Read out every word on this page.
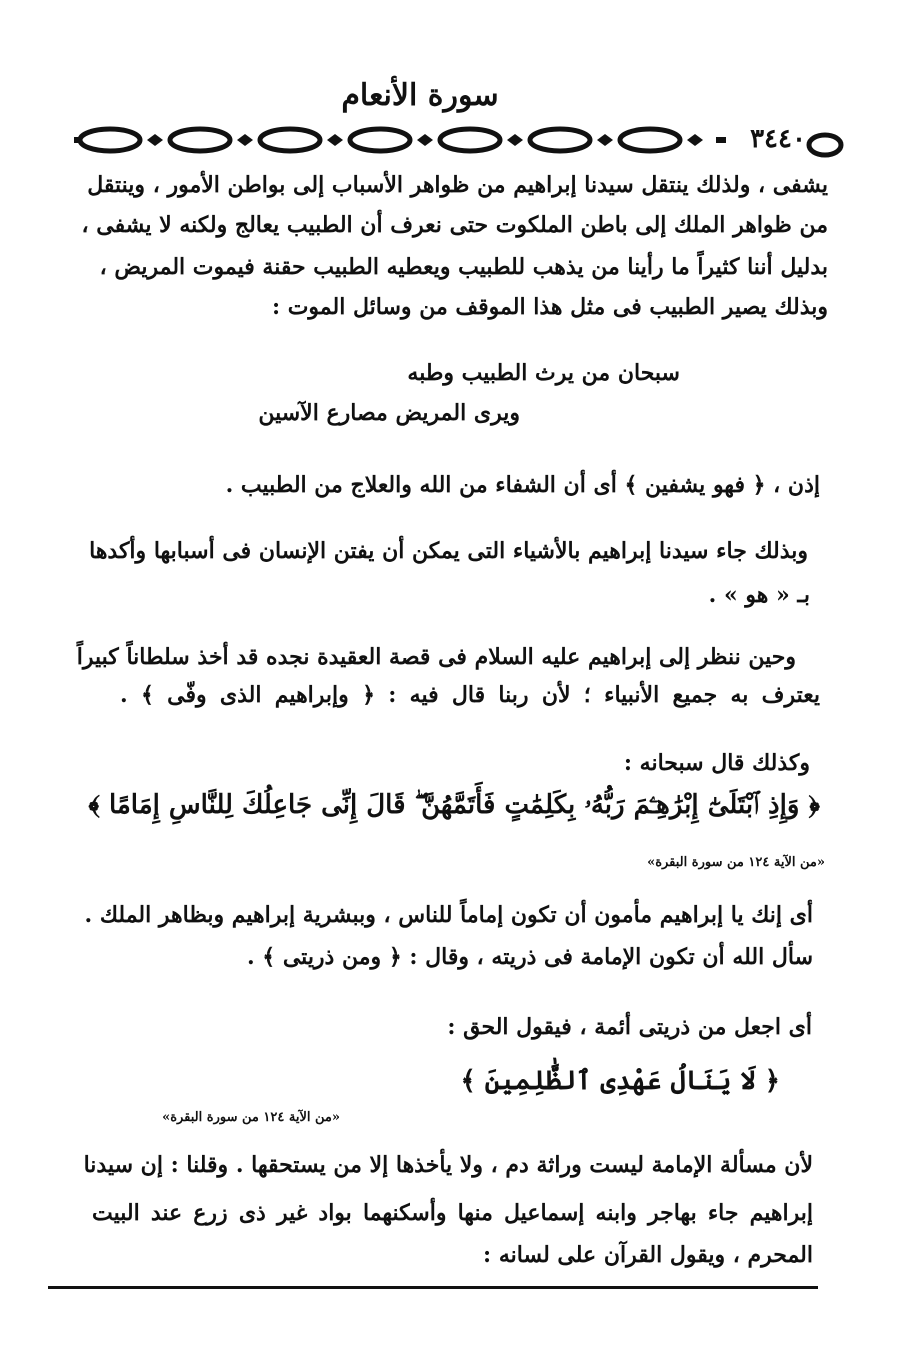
سورة الأنعام
٣٤٤٠
يشفى ، ولذلك ينتقل سيدنا إبراهيم من ظواهر الأسباب إلى بواطن الأمور ، وينتقل
من ظواهر الملك إلى باطن الملكوت حتى نعرف أن الطبيب يعالج ولكنه لا يشفى ،
بدليل أننا كثيراً ما رأينا من يذهب للطبيب ويعطيه الطبيب حقنة فيموت المريض ،
وبذلك يصير الطبيب فى مثل هذا الموقف من وسائل الموت :
سبحان من يرث الطبيب وطبه
ويرى المريض مصارع الآسين
إذن ، ﴿ فهو يشفين ﴾ أى أن الشفاء من الله والعلاج من الطبيب .
وبذلك جاء سيدنا إبراهيم بالأشياء التى يمكن أن يفتن الإنسان فى أسبابها وأكدها
بـ « هو » .
وحين ننظر إلى إبراهيم عليه السلام فى قصة العقيدة نجده قد أخذ سلطاناً كبيراً
يعترف به جميع الأنبياء ؛ لأن ربنا قال فيه : ﴿ وإبراهيم الذى وفّى ﴾ .
وكذلك قال سبحانه :
﴿ وَإِذِ ٱبْتَلَىٰٓ إِبْرَٰهِـۧمَ رَبُّهُۥ بِكَلِمَٰتٍ فَأَتَمَّهُنَّ ۖ قَالَ إِنِّى جَاعِلُكَ لِلنَّاسِ إِمَامًا ﴾
«من الآية ١٢٤ من سورة البقرة»
أى إنك يا إبراهيم مأمون أن تكون إماماً للناس ، وببشرية إبراهيم وبظاهر الملك .
سأل الله أن تكون الإمامة فى ذريته ، وقال : ﴿ ومن ذريتى ﴾ .
أى اجعل من ذريتى أئمة ، فيقول الحق :
﴿ لَا يَنَالُ عَهْدِى ٱلظَّٰلِمِينَ ﴾
«من الآية ١٢٤ من سورة البقرة»
لأن مسألة الإمامة ليست وراثة دم ، ولا يأخذها إلا من يستحقها . وقلنا : إن سيدنا
إبراهيم جاء بهاجر وابنه إسماعيل منها وأسكنهما بواد غير ذى زرع عند البيت
المحرم ، ويقول القرآن على لسانه :
